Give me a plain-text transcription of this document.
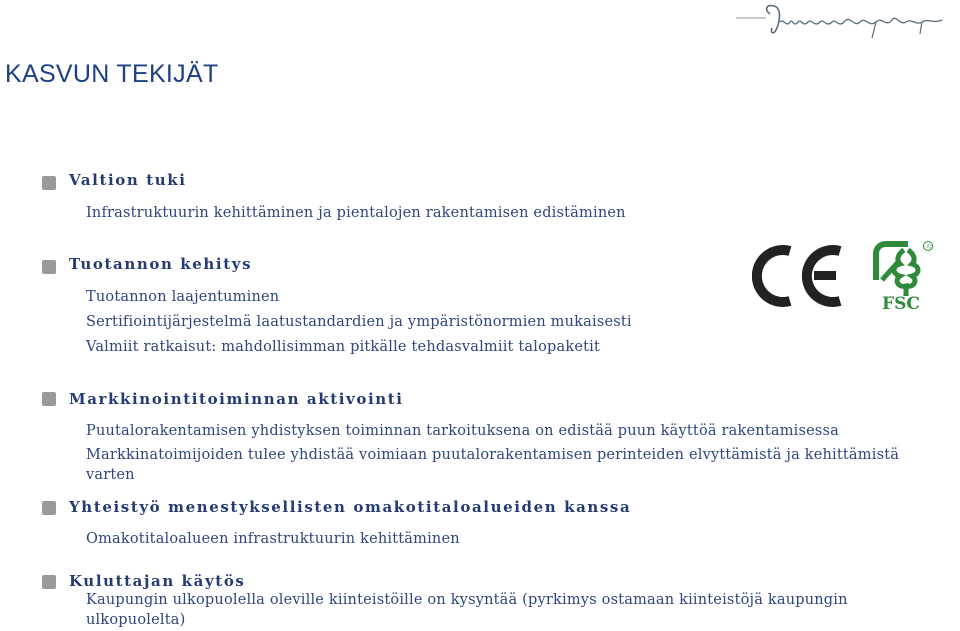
KASVUN TEKIJÄT
Valtion tuki
Infrastruktuurin kehittäminen ja pientalojen rakentamisen edistäminen
Tuotannon kehitys
Tuotannon laajentuminen
Sertifiointijärjestelmä laatustandardien ja ympäristönormien mukaisesti
Valmiit ratkaisut: mahdollisimman pitkälle tehdasvalmiit talopaketit
Markkinointitoiminnan aktivointi
Puutalorakentamisen yhdistyksen toiminnan tarkoituksena on edistää puun käyttöä rakentamisessa
Markkinatoimijoiden tulee yhdistää voimiaan puutalorakentamisen perinteiden elvyttämistä ja kehittämistä varten
Yhteistyö menestyksellisten omakotitaloalueiden kanssa
Omakotitaloalueen infrastruktuurin kehittäminen
Kuluttajan käytös
Kaupungin ulkopuolella oleville kiinteistöille on kysyntää (pyrkimys ostamaan kiinteistöjä kaupungin ulkopuolelta)
©
FSC
